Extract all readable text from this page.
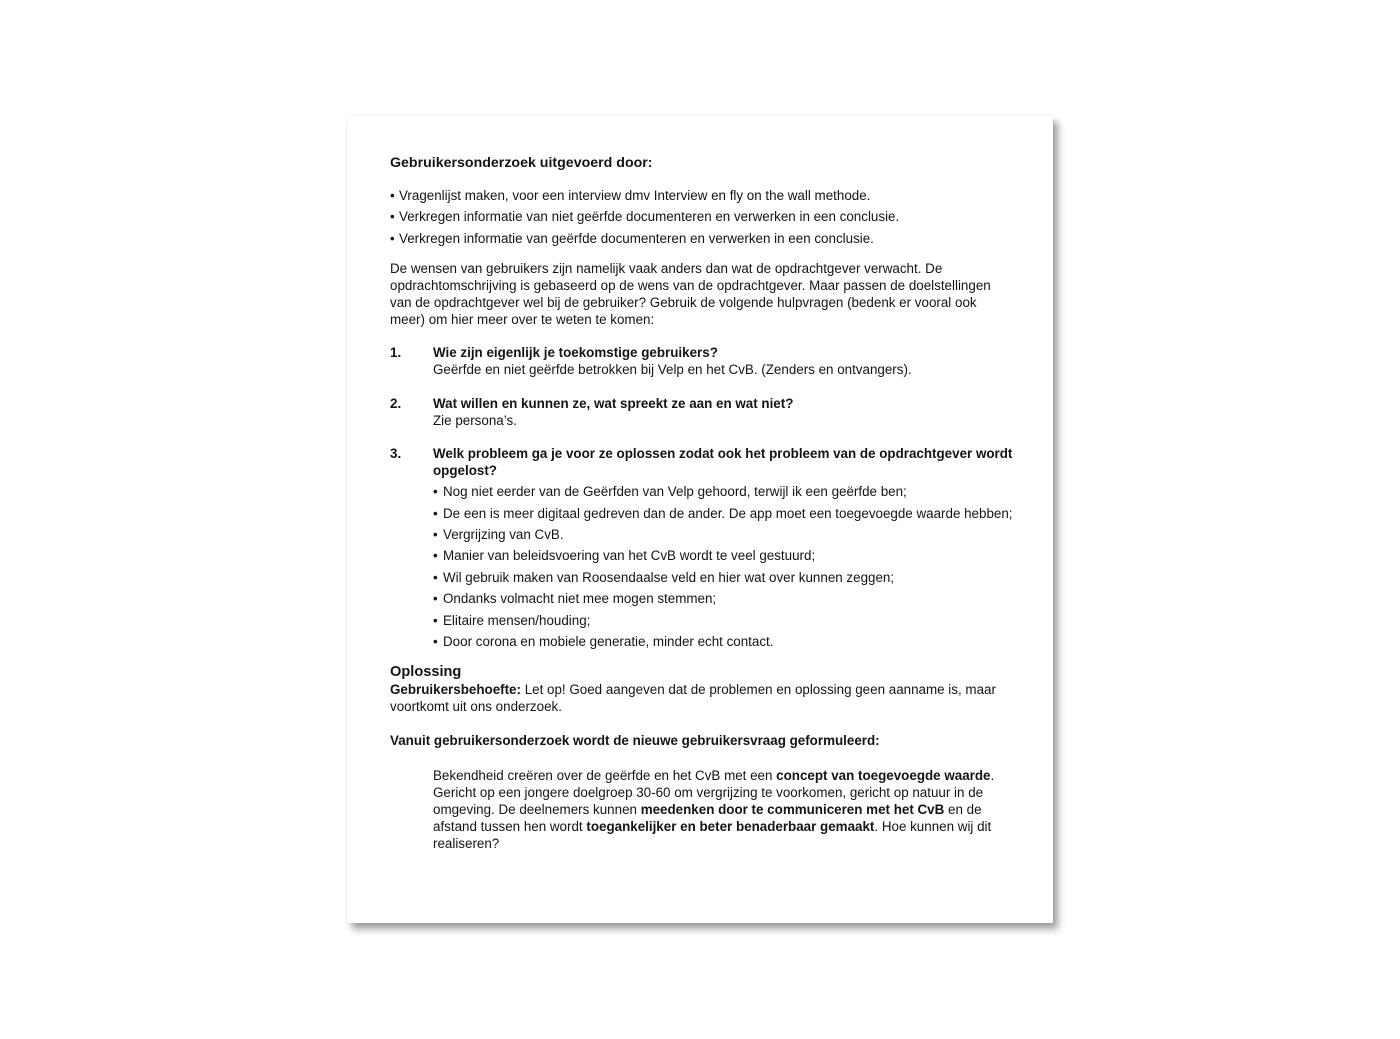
Gebruikersonderzoek uitgevoerd door:

• Vragenlijst maken, voor een interview dmv Interview en fly on the wall methode.
• Verkregen informatie van niet geërfde documenteren en verwerken in een conclusie.
• Verkregen informatie van geërfde documenteren en verwerken in een conclusie.

De wensen van gebruikers zijn namelijk vaak anders dan wat de opdrachtgever verwacht. De opdrachtomschrijving is gebaseerd op de wens van de opdrachtgever. Maar passen de doelstellingen van de opdrachtgever wel bij de gebruiker? Gebruik de volgende hulpvragen (bedenk er vooral ook meer) om hier meer over te weten te komen:

1.	Wie zijn eigenlijk je toekomstige gebruikers?

Geërfde en niet geërfde betrokken bij Velp en het CvB. (Zenders en ontvangers).

2.	Wat willen en kunnen ze, wat spreekt ze aan en wat niet?

Zie persona’s.

3.	Welk probleem ga je voor ze oplossen zodat ook het probleem van de opdrachtgever wordt opgelost?

• Nog niet eerder van de Geërfden van Velp gehoord, terwijl ik een geërfde ben;
• De een is meer digitaal gedreven dan de ander. De app moet een toegevoegde waarde hebben;
• Vergrijzing van CvB.
• Manier van beleidsvoering van het CvB wordt te veel gestuurd;
• Wil gebruik maken van Roosendaalse veld en hier wat over kunnen zeggen;
• Ondanks volmacht niet mee mogen stemmen;
• Elitaire mensen/houding;
• Door corona en mobiele generatie, minder echt contact.

Oplossing

Gebruikersbehoefte: Let op! Goed aangeven dat de problemen en oplossing geen aanname is, maar voortkomt uit ons onderzoek.

Vanuit gebruikersonderzoek wordt de nieuwe gebruikersvraag geformuleerd:

Bekendheid creëren over de geërfde en het CvB met een concept van toegevoegde waarde. Gericht op een jongere doelgroep 30-60 om vergrijzing te voorkomen, gericht op natuur in de omgeving. De deelnemers kunnen meedenken door te communiceren met het CvB en de afstand tussen hen wordt toegankelijker en beter benaderbaar gemaakt. Hoe kunnen wij dit realiseren?
